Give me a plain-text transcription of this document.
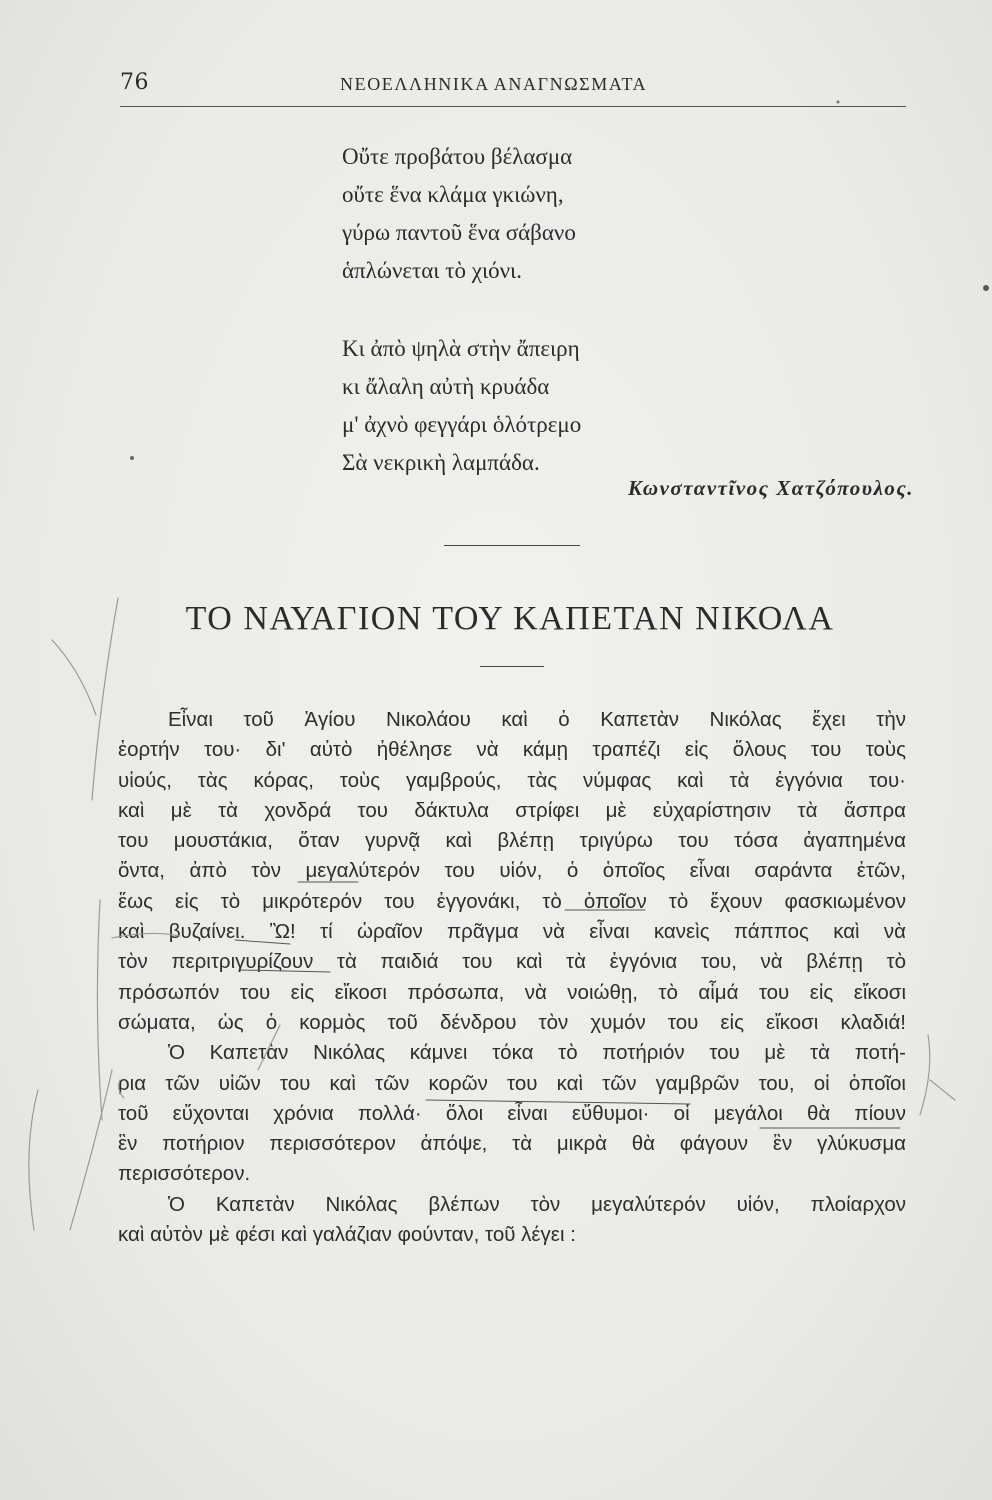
76	ΝΕΟΕΛΛΗΝΙΚΑ ΑΝΑΓΝΩΣΜΑΤΑ
Οὔτε προβάτου βέλασμα
οὔτε ἕνα κλάμα γκιώνη,
γύρω παντοῦ ἕνα σάβανο
ἁπλώνεται τὸ χιόνι.
Κι ἀπὸ ψηλὰ στὴν ἄπειρη
κι ἄλαλη αὐτὴ κρυάδα
μ' ἀχνὸ φεγγάρι ὁλότρεμο
Σὰ νεκρικὴ λαμπάδα.
Κωνσταντῖνος Χατζόπουλος.
ΤΟ ΝΑΥΑΓΙΟΝ ΤΟΥ ΚΑΠΕΤΑΝ ΝΙΚΟΛΑ
Εἶναι τοῦ Ἁγίου Νικολάου καὶ ὁ Καπετὰν Νικόλας ἔχει τὴν
ἑορτήν του· δι' αὐτὸ ἠθέλησε νὰ κάμῃ τραπέζι εἰς ὅλους του τοὺς
υἱούς, τὰς κόρας, τοὺς γαμβρούς, τὰς νύμφας καὶ τὰ ἐγγόνια του·
καὶ μὲ τὰ χονδρά του δάκτυλα στρίφει μὲ εὐχαρίστησιν τὰ ἄσπρα
του μουστάκια, ὅταν γυρνᾷ καὶ βλέπῃ τριγύρω του τόσα ἀγαπημένα
ὄντα, ἀπὸ τὸν μεγαλύτερόν του υἱόν, ὁ ὁποῖος εἶναι σαράντα ἐτῶν,
ἕως εἰς τὸ μικρότερόν του ἐγγονάκι, τὸ ὁποῖον τὸ ἔχουν φασκιωμένον
καὶ βυζαίνει. Ὢ! τί ὡραῖον πρᾶγμα νὰ εἶναι κανεὶς πάππος καὶ νὰ
τὸν περιτριγυρίζουν τὰ παιδιά του καὶ τὰ ἐγγόνια του, νὰ βλέπῃ τὸ
πρόσωπόν του εἰς εἴκοσι πρόσωπα, νὰ νοιώθῃ, τὸ αἷμά του εἰς εἴκοσι
σώματα, ὡς ὁ κορμὸς τοῦ δένδρου τὸν χυμόν του εἰς εἴκοσι κλαδιά!
Ὁ Καπετὰν Νικόλας κάμνει τόκα τὸ ποτήριόν του μὲ τὰ ποτή-
ρια τῶν υἱῶν του καὶ τῶν κορῶν του καὶ τῶν γαμβρῶν του, οἱ ὁποῖοι
τοῦ εὔχονται χρόνια πολλά· ὅλοι εἶναι εὔθυμοι· οἱ μεγάλοι θὰ πίουν
ἓν ποτήριον περισσότερον ἀπόψε, τὰ μικρὰ θὰ φάγουν ἓν γλύκυσμα
περισσότερον.
Ὁ Καπετὰν Νικόλας βλέπων τὸν μεγαλύτερόν υἱόν, πλοίαρχον
καὶ αὐτὸν μὲ φέσι καὶ γαλάζιαν φούνταν, τοῦ λέγει :
